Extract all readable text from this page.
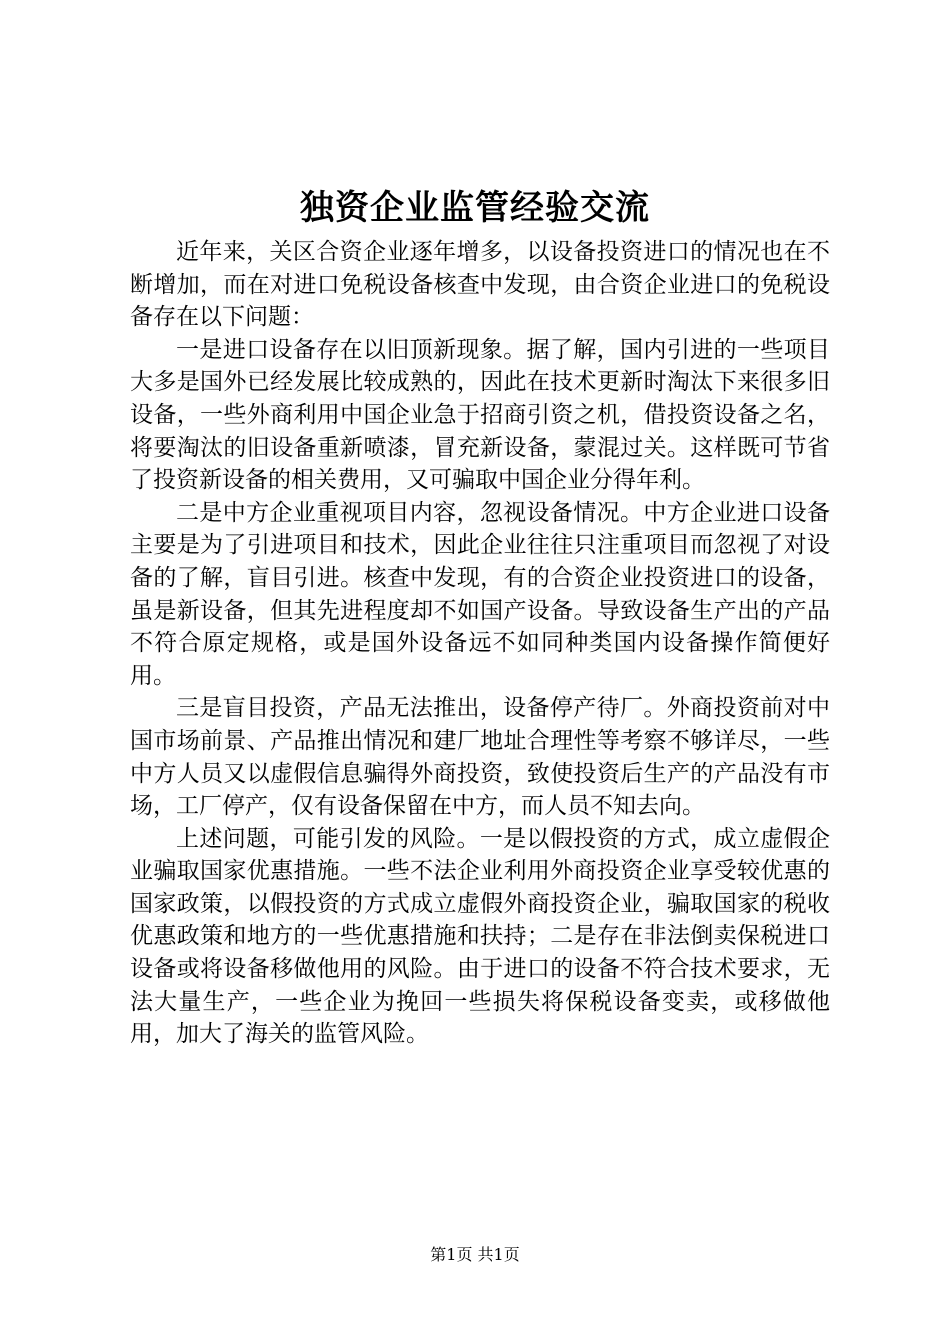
独资企业监管经验交流

近年来，关区合资企业逐年增多，以设备投资进口的情况也在不断增加，而在对进口免税设备核查中发现，由合资企业进口的免税设备存在以下问题：

一是进口设备存在以旧顶新现象。据了解，国内引进的一些项目大多是国外已经发展比较成熟的，因此在技术更新时淘汰下来很多旧设备，一些外商利用中国企业急于招商引资之机，借投资设备之名，将要淘汰的旧设备重新喷漆，冒充新设备，蒙混过关。这样既可节省了投资新设备的相关费用，又可骗取中国企业分得年利。

二是中方企业重视项目内容，忽视设备情况。中方企业进口设备主要是为了引进项目和技术，因此企业往往只注重项目而忽视了对设备的了解，盲目引进。核查中发现，有的合资企业投资进口的设备，虽是新设备，但其先进程度却不如国产设备。导致设备生产出的产品不符合原定规格，或是国外设备远不如同种类国内设备操作简便好用。

三是盲目投资，产品无法推出，设备停产待厂。外商投资前对中国市场前景、产品推出情况和建厂地址合理性等考察不够详尽，一些中方人员又以虚假信息骗得外商投资，致使投资后生产的产品没有市场，工厂停产，仅有设备保留在中方，而人员不知去向。

上述问题，可能引发的风险。一是以假投资的方式，成立虚假企业骗取国家优惠措施。一些不法企业利用外商投资企业享受较优惠的国家政策，以假投资的方式成立虚假外商投资企业，骗取国家的税收优惠政策和地方的一些优惠措施和扶持；二是存在非法倒卖保税进口设备或将设备移做他用的风险。由于进口的设备不符合技术要求，无法大量生产，一些企业为挽回一些损失将保税设备变卖，或移做他用，加大了海关的监管风险。

第1页 共1页
